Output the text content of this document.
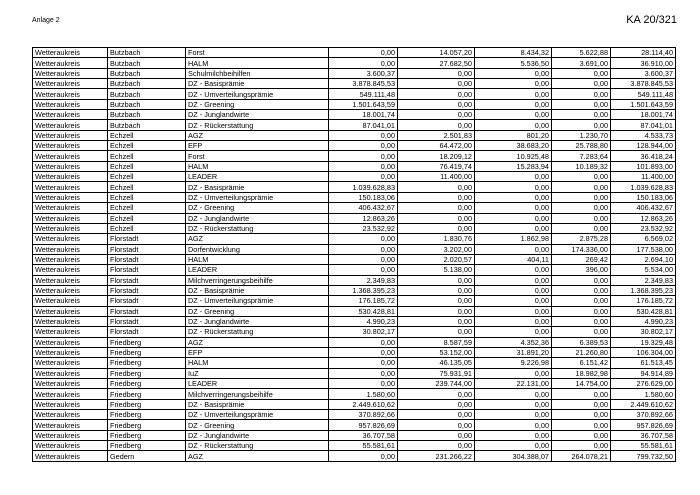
Anlage 2	KA 20/321
Wetteraukreis	Butzbach	Forst	0,00	14.057,20	8.434,32	5.622,88	28.114,40
Wetteraukreis	Butzbach	HALM	0,00	27.682,50	5.536,50	3.691,00	36.910,00
Wetteraukreis	Butzbach	Schulmilchbeihilfen	3.600,37	0,00	0,00	0,00	3.600,37
Wetteraukreis	Butzbach	DZ - Basisprämie	3.878.845,53	0,00	0,00	0,00	3.878.845,53
Wetteraukreis	Butzbach	DZ - Umverteilungsprämie	549.111,48	0,00	0,00	0,00	549.111,48
Wetteraukreis	Butzbach	DZ - Greening	1.501.643,59	0,00	0,00	0,00	1.501.643,59
Wetteraukreis	Butzbach	DZ - Junglandwirte	18.001,74	0,00	0,00	0,00	18.001,74
Wetteraukreis	Butzbach	DZ - Rückerstattung	87.041,01	0,00	0,00	0,00	87.041,01
Wetteraukreis	Echzell	AGZ	0,00	2.501,83	801,20	1.230,70	4.533,73
Wetteraukreis	Echzell	EFP	0,00	64.472,00	38.683,20	25.788,80	128.944,00
Wetteraukreis	Echzell	Forst	0,00	18.209,12	10.925,48	7.283,64	36.418,24
Wetteraukreis	Echzell	HALM	0,00	76.419,74	15.283,94	10.189,32	101.893,00
Wetteraukreis	Echzell	LEADER	0,00	11.400,00	0,00	0,00	11.400,00
Wetteraukreis	Echzell	DZ - Basisprämie	1.039.628,83	0,00	0,00	0,00	1.039.628,83
Wetteraukreis	Echzell	DZ - Umverteilungsprämie	150.183,06	0,00	0,00	0,00	150.183,06
Wetteraukreis	Echzell	DZ - Greening	406.432,67	0,00	0,00	0,00	406.432,67
Wetteraukreis	Echzell	DZ - Junglandwirte	12.863,26	0,00	0,00	0,00	12.863,26
Wetteraukreis	Echzell	DZ - Rückerstattung	23.532,92	0,00	0,00	0,00	23.532,92
Wetteraukreis	Florstadt	AGZ	0,00	1.830,76	1.862,98	2.875,28	6.569,02
Wetteraukreis	Florstadt	Dorfentwicklung	0,00	3.202,00	0,00	174.336,00	177.538,00
Wetteraukreis	Florstadt	HALM	0,00	2.020,57	404,11	269,42	2.694,10
Wetteraukreis	Florstadt	LEADER	0,00	5.138,00	0,00	396,00	5.534,00
Wetteraukreis	Florstadt	Milchverringerungsbeihilfe	2.349,83	0,00	0,00	0,00	2.349,83
Wetteraukreis	Florstadt	DZ - Basisprämie	1.368.395,23	0,00	0,00	0,00	1.368.395,23
Wetteraukreis	Florstadt	DZ - Umverteilungsprämie	176.185,72	0,00	0,00	0,00	176.185,72
Wetteraukreis	Florstadt	DZ - Greening	530.428,81	0,00	0,00	0,00	530.428,81
Wetteraukreis	Florstadt	DZ - Junglandwirte	4.990,23	0,00	0,00	0,00	4.990,23
Wetteraukreis	Florstadt	DZ - Rückerstattung	30.802,17	0,00	0,00	0,00	30.802,17
Wetteraukreis	Friedberg	AGZ	0,00	8.587,59	4.352,36	6.389,53	19.329,48
Wetteraukreis	Friedberg	EFP	0,00	53.152,00	31.891,20	21.260,80	106.304,00
Wetteraukreis	Friedberg	HALM	0,00	46.135,05	9.226,98	6.151,42	61.513,45
Wetteraukreis	Friedberg	IuZ	0,00	75.931,91	0,00	18.982,98	94.914,89
Wetteraukreis	Friedberg	LEADER	0,00	239.744,00	22.131,00	14.754,00	276.629,00
Wetteraukreis	Friedberg	Milchverringerungsbeihilfe	1.580,60	0,00	0,00	0,00	1.580,60
Wetteraukreis	Friedberg	DZ - Basisprämie	2.449.610,62	0,00	0,00	0,00	2.449.610,62
Wetteraukreis	Friedberg	DZ - Umverteilungsprämie	370.892,66	0,00	0,00	0,00	370.892,66
Wetteraukreis	Friedberg	DZ - Greening	957.826,69	0,00	0,00	0,00	957.826,69
Wetteraukreis	Friedberg	DZ - Junglandwirte	36.707,58	0,00	0,00	0,00	36.707,58
Wetteraukreis	Friedberg	DZ - Rückerstattung	55.581,61	0,00	0,00	0,00	55.581,61
Wetteraukreis	Gedern	AGZ	0,00	231.266,22	304.388,07	264.078,21	799.732,50
